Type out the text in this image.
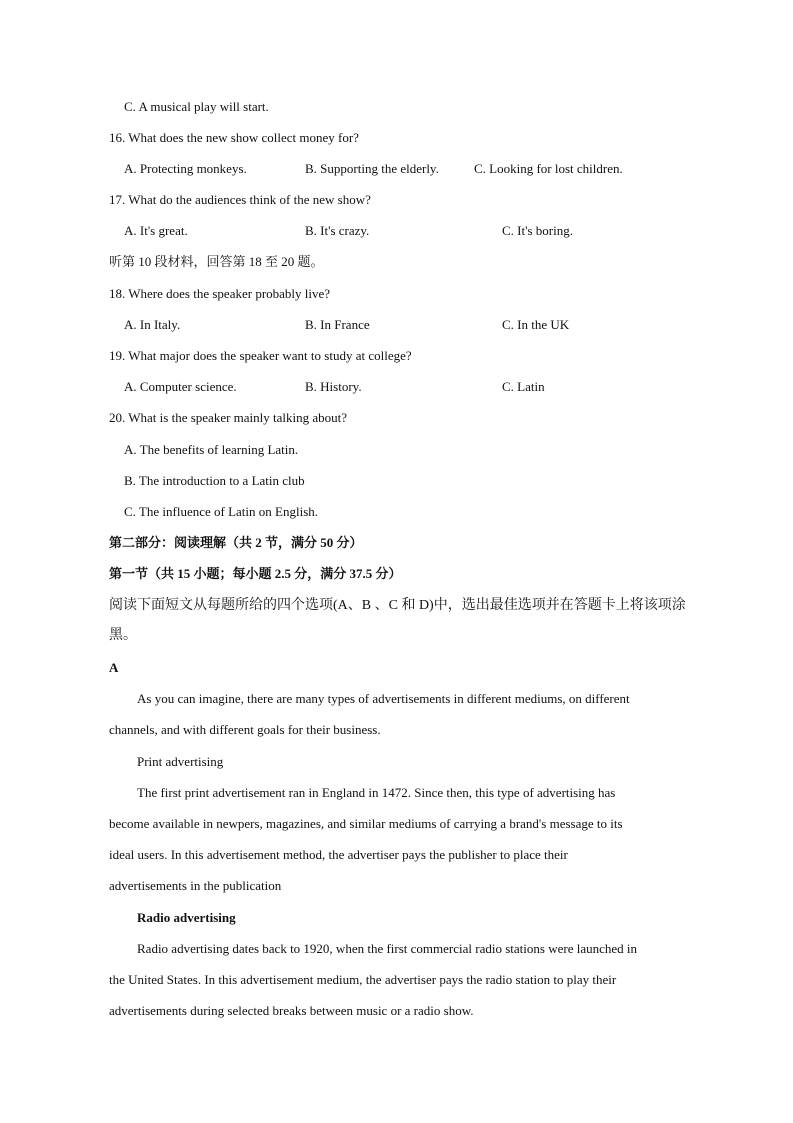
C. A musical play will start.
16. What does the new show collect money for?
A. Protecting monkeys.	B. Supporting the elderly.	C. Looking for lost children.
17. What do the audiences think of the new show?
A. It's great.	B. It's crazy.	C. It's boring.
听第 10 段材料，回答第 18 至 20 题。
18. Where does the speaker probably live?
A. In Italy.	B. In France	C. In the UK
19. What major does the speaker want to study at college?
A. Computer science.	B. History.	C. Latin
20. What is the speaker mainly talking about?
A. The benefits of learning Latin.
B. The introduction to a Latin club
C. The influence of Latin on English.
第二部分：阅读理解（共 2 节，满分 50 分）
第一节（共 15 小题；每小题 2.5 分，满分 37.5 分）
阅读下面短文从每题所给的四个选项(A、B 、C 和 D)中，选出最佳选项并在答题卡上将该项涂
黑。
A
As you can imagine, there are many types of advertisements in different mediums, on different
channels, and with different goals for their business.
Print advertising
The first print advertisement ran in England in 1472. Since then, this type of advertising has
become available in newpers, magazines, and similar mediums of carrying a brand's message to its
ideal users. In this advertisement method, the advertiser pays the publisher to place their
advertisements in the publication
Radio advertising
Radio advertising dates back to 1920, when the first commercial radio stations were launched in
the United States. In this advertisement medium, the advertiser pays the radio station to play their
advertisements during selected breaks between music or a radio show.
